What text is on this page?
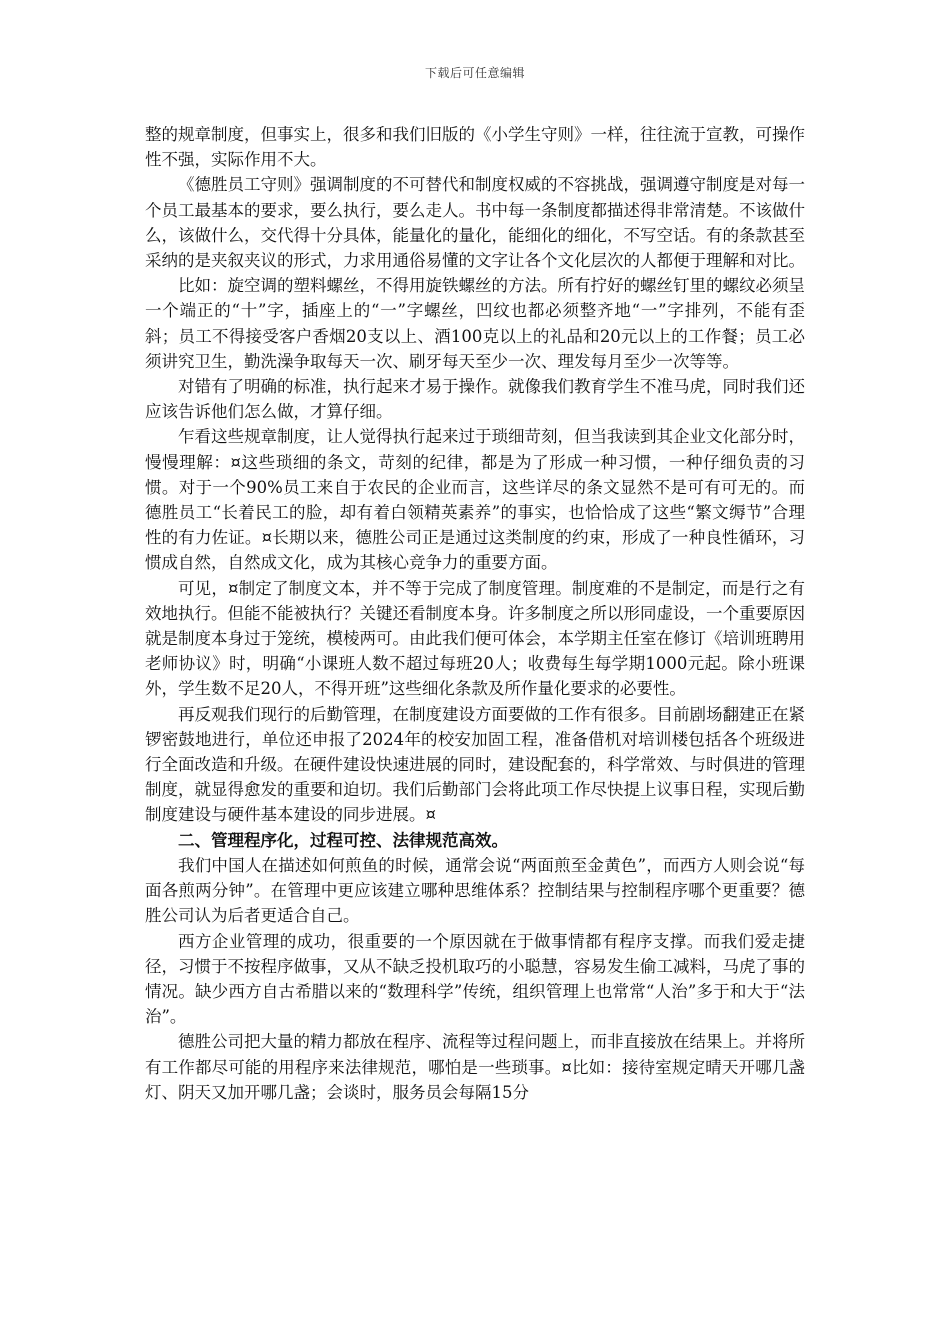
下载后可任意编辑

整的规章制度，但事实上，很多和我们旧版的《小学生守则》一样，往往流于宣教，可操作性不强，实际作用不大。

《德胜员工守则》强调制度的不可替代和制度权威的不容挑战，强调遵守制度是对每一个员工最基本的要求，要么执行，要么走人。书中每一条制度都描述得非常清楚。不该做什么，该做什么，交代得十分具体，能量化的量化，能细化的细化，不写空话。有的条款甚至采纳的是夹叙夹议的形式，力求用通俗易懂的文字让各个文化层次的人都便于理解和对比。

比如：旋空调的塑料螺丝，不得用旋铁螺丝的方法。所有拧好的螺丝钉里的螺纹必须呈一个端正的“十”字，插座上的“一”字螺丝，凹纹也都必须整齐地“一”字排列，不能有歪斜；员工不得接受客户香烟20支以上、酒100克以上的礼品和20元以上的工作餐；员工必须讲究卫生，勤洗澡争取每天一次、刷牙每天至少一次、理发每月至少一次等等。

对错有了明确的标准，执行起来才易于操作。就像我们教育学生不准马虎，同时我们还应该告诉他们怎么做，才算仔细。

乍看这些规章制度，让人觉得执行起来过于琐细苛刻，但当我读到其企业文化部分时，慢慢理解：¤这些琐细的条文，苛刻的纪律，都是为了形成一种习惯，一种仔细负责的习惯。对于一个90%员工来自于农民的企业而言，这些详尽的条文显然不是可有可无的。而德胜员工“长着民工的脸，却有着白领精英素养”的事实，也恰恰成了这些“繁文缛节”合理性的有力佐证。¤长期以来，德胜公司正是通过这类制度的约束，形成了一种良性循环，习惯成自然，自然成文化，成为其核心竞争力的重要方面。

可见，¤制定了制度文本，并不等于完成了制度管理。制度难的不是制定，而是行之有效地执行。但能不能被执行？关键还看制度本身。许多制度之所以形同虚设，一个重要原因就是制度本身过于笼统，模棱两可。由此我们便可体会，本学期主任室在修订《培训班聘用老师协议》时，明确“小课班人数不超过每班20人；收费每生每学期1000元起。除小班课外，学生数不足20人，不得开班”这些细化条款及所作量化要求的必要性。

再反观我们现行的后勤管理，在制度建设方面要做的工作有很多。目前剧场翻建正在紧锣密鼓地进行，单位还申报了2024年的校安加固工程，准备借机对培训楼包括各个班级进行全面改造和升级。在硬件建设快速进展的同时，建设配套的，科学常效、与时俱进的管理制度，就显得愈发的重要和迫切。我们后勤部门会将此项工作尽快提上议事日程，实现后勤制度建设与硬件基本建设的同步进展。¤

二、管理程序化，过程可控、法律规范高效。

我们中国人在描述如何煎鱼的时候，通常会说“两面煎至金黄色”，而西方人则会说“每面各煎两分钟”。在管理中更应该建立哪种思维体系？控制结果与控制程序哪个更重要？德胜公司认为后者更适合自己。

西方企业管理的成功，很重要的一个原因就在于做事情都有程序支撑。而我们爱走捷径，习惯于不按程序做事，又从不缺乏投机取巧的小聪慧，容易发生偷工减料，马虎了事的情况。缺少西方自古希腊以来的“数理科学”传统，组织管理上也常常“人治”多于和大于“法治”。

德胜公司把大量的精力都放在程序、流程等过程问题上，而非直接放在结果上。并将所有工作都尽可能的用程序来法律规范，哪怕是一些琐事。¤比如：接待室规定晴天开哪几盏灯、阴天又加开哪几盏；会谈时，服务员会每隔15分
